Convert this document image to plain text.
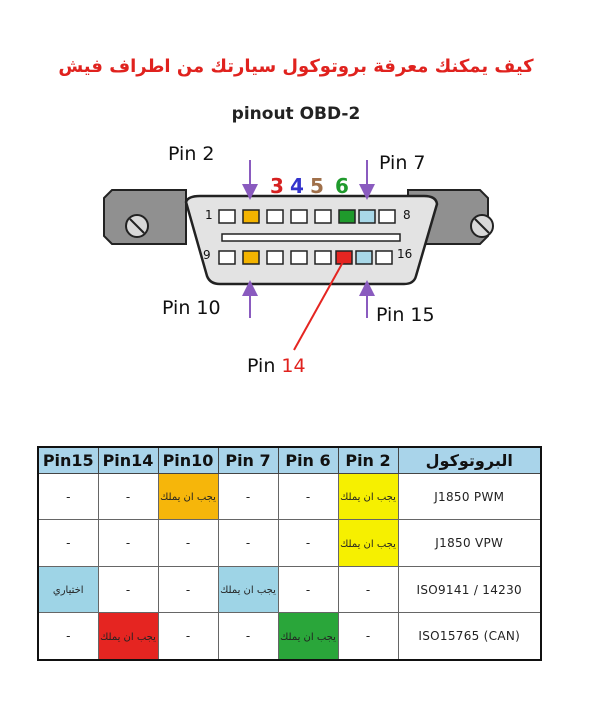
كيف يمكنك معرفة بروتوكول سيارتك من اطراف فيش
pinout OBD-2
Pin 2	Pin 7
Pin 10	Pin 15
Pin 14
3 4 5 6
1	8
9	16
Pin15	Pin14	Pin10	Pin 7	Pin 6	Pin 2	البروتوكول
-	-	يجب ان يملك	-	-	يجب ان يملك	J1850 PWM
-	-	-	-	-	يجب ان يملك	J1850 VPW
اختياري	-	-	يجب ان يملك	-	-	ISO9141 / 14230
-	يجب ان يملك	-	-	يجب ان يملك	-	ISO15765 (CAN)
